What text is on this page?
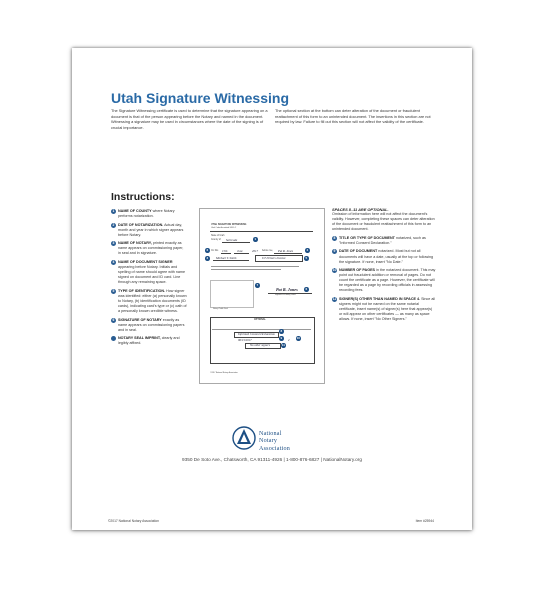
Utah Signature Witnessing
The Signature Witnessing certificate is used to determine that the signature appearing on a document is that of the person appearing before the Notary and named in the document. Witnessing a signature may be used in circumstances where the date of the signing is of crucial importance.
The optional section at the bottom can deter alteration of the document or fraudulent reattachment of this form to an unintended document. The insertions in this section are not required by law. Failure to fill out this section will not affect the validity of the certificate.
Instructions:
1 NAME OF COUNTY where Notary performs notarization.
2 DATE OF NOTARIZATION. Actual day, month and year in which signer appears before Notary.
3 NAME OF NOTARY, printed exactly as name appears on commissioning paper, in seal and in signature.
4 NAME OF DOCUMENT SIGNER appearing before Notary. Initials and spelling of name should agree with name signed on document and ID card. Line through any remaining space.
5 TYPE OF IDENTIFICATION. How signer was identified: either (a) personally known to Notary, (b) identification documents (ID cards), indicating card's type or (c) oath of a personally known credible witness.
6 SIGNATURE OF NOTARY exactly as name appears on commissioning papers and in seal.
NOTARY SEAL IMPRINT, clearly and legibly affixed.
UTAH SIGNATURE WITNESSING
Utah Code Annotated §46-1-2
State of Utah
County of Salt Lake	1
On this
2	15th	June	2017 before me, Pat R. Jones	4
3	Michael T. Smith	UT Drivers License	5
7
Pat R. Jones	6
Signature of Notary Public
Notary Public Seal
OPTIONAL
8
Informed Consent Declaration
9
06/15/2017	2 10
No other signers	11
©2017 National Notary Association
SPACES 8–11 ARE OPTIONAL.
Omission of information here will not affect the document's validity. However, completing these spaces can deter alteration of the document or fraudulent reattachment of this form to an unintended document.
8 TITLE OR TYPE OF DOCUMENT notarized, such as "Informed Consent Declaration."
9 DATE OF DOCUMENT notarized. Most but not all documents will have a date, usually at the top or following the signature. If none, insert "No Date."
10 NUMBER OF PAGES in the notarized document. This may point out fraudulent addition or removal of pages. Do not count the certificate as a page. However, the certificate will be regarded as a page by recording officials in assessing recording fees.
11 SIGNER(S) OTHER THAN NAMED IN SPACE 4. Since all signers might not be named on the same notarial certificate, insert name(s) of signer(s) here that appear(s) or will appear on other certificates — as many as space allows. If none, insert "No Other Signers."
National
Notary
Association
9350 De Soto Ave., Chatsworth, CA 91311-4926 | 1-800-876-6827 | NationalNotary.org
©2017 National Notary Association	Item #25944
